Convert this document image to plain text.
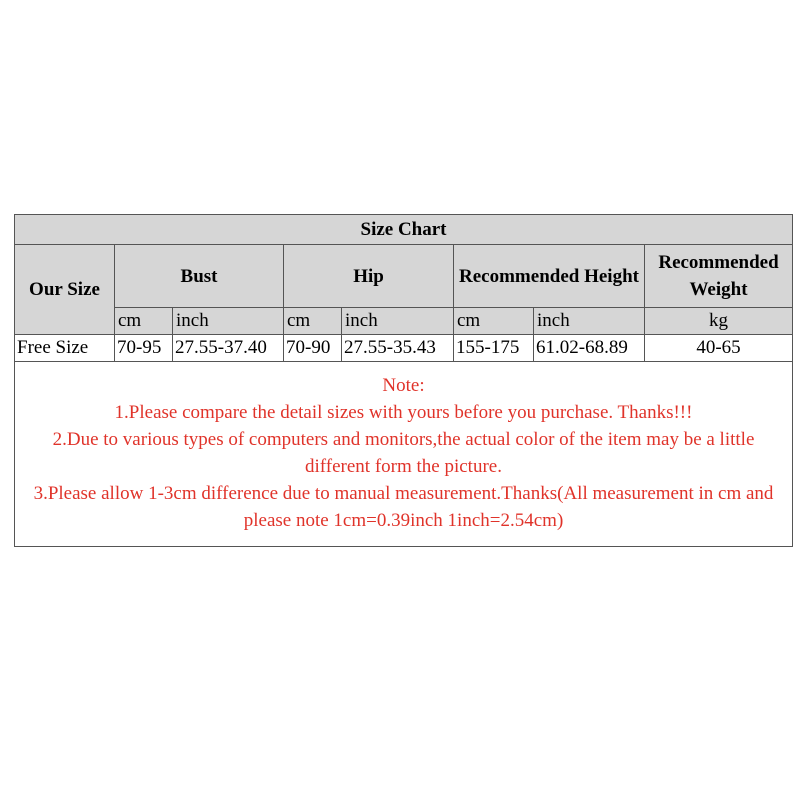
Size Chart							
Our Size	Bust		Hip		Recommended Height		Recommended Weight
	cm	inch	cm	inch	cm	inch	kg
Free Size	70-95	27.55-37.40	70-90	27.55-35.43	155-175	61.02-68.89	40-65

Note:
1.Please compare the detail sizes with yours before you purchase. Thanks!!!
2.Due to various types of computers and monitors,the actual color of the item may be a little different form the picture.
3.Please allow 1-3cm difference due to manual measurement.Thanks(All measurement in cm and please note 1cm=0.39inch 1inch=2.54cm)							
